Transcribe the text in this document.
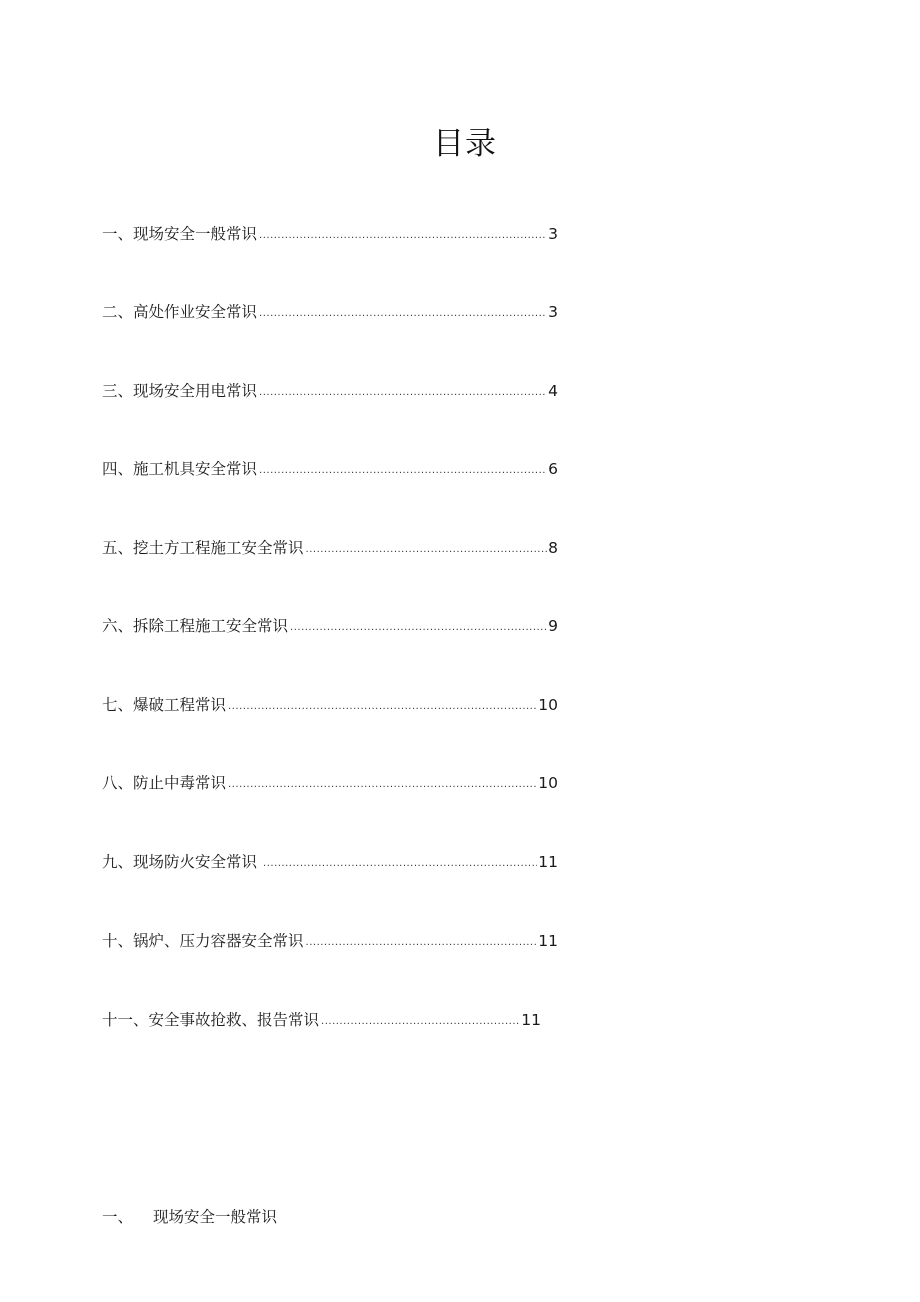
目录
一、 现场安全一般常识 .....	3
二、 高处作业安全常识 .....	3
三、 现场安全用电常识 .....	4
四、 施工机具安全常识 .....	6
五、 挖土方工程施工安全常识 .....	8
六、 拆除工程施工安全常识 .....	9
七、 爆破工程常识 .....	10
八、 防止中毒常识 .....	10
九、 现场防火安全常识 .....	11
十、 锅炉、压力容器安全常识 .....	11
十一、 安全事故抢救、报告常识 .....	11
一、	现场安全一般常识
